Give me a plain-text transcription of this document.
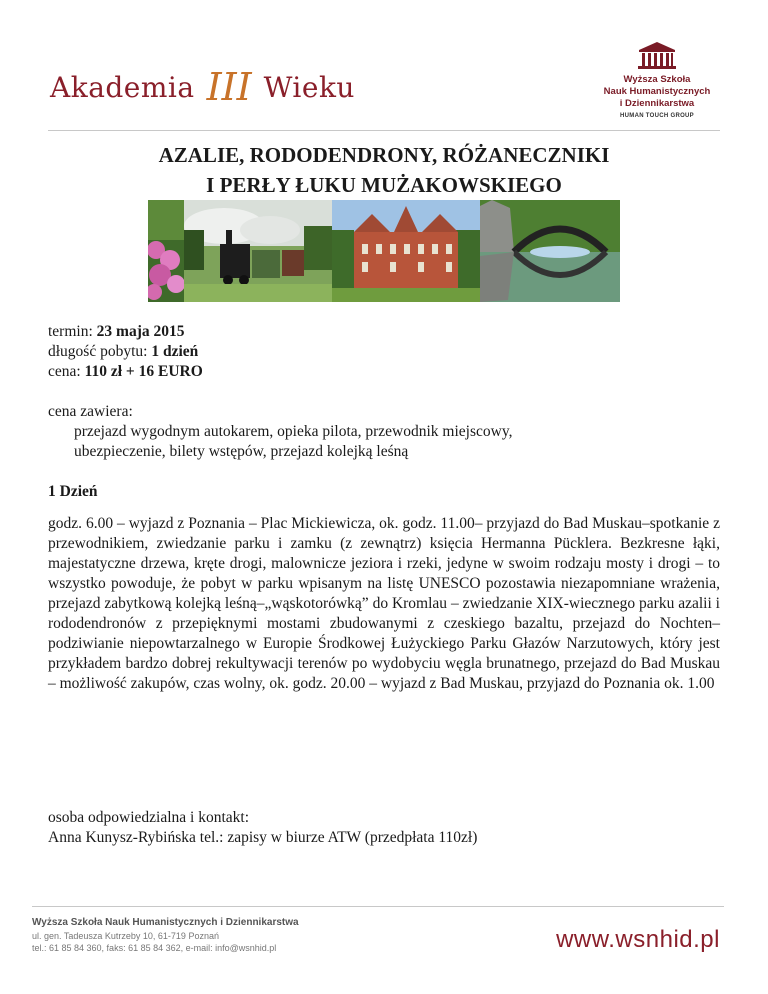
Akademia III Wieku	Wyższa Szkoła
Nauk Humanistycznych
i Dziennikarstwa
HUMAN TOUCH GROUP
AZALIE, RODODENDRONY, RÓŻANECZNIKI
I PERŁY ŁUKU MUŻAKOWSKIEGO
termin: 23 maja 2015
długość pobytu: 1 dzień
cena: 110 zł + 16 EURO
cena zawiera:
przejazd wygodnym autokarem, opieka pilota, przewodnik miejscowy,
ubezpieczenie, bilety wstępów, przejazd kolejką leśną
1 Dzień
godz. 6.00 – wyjazd z Poznania – Plac Mickiewicza, ok. godz. 11.00– przyjazd do Bad Muskau–spotkanie z przewodnikiem, zwiedzanie parku i zamku (z zewnątrz) księcia Hermanna Pücklera. Bezkresne łąki, majestatyczne drzewa, kręte drogi, malownicze jeziora i rzeki, jedyne w swoim rodzaju mosty i drogi – to wszystko powoduje, że pobyt w parku wpisanym na listę UNESCO pozostawia niezapomniane wrażenia, przejazd zabytkową kolejką leśną–„wąskotorówką” do Kromlau – zwiedzanie XIX-wiecznego parku azalii i rododendronów z przepięknymi mostami zbudowanymi z czeskiego bazaltu, przejazd do Nochten–podziwianie niepowtarzalnego w Europie Środkowej Łużyckiego Parku Głazów Narzutowych, który jest przykładem bardzo dobrej rekultywacji terenów po wydobyciu węgla brunatnego, przejazd do Bad Muskau – możliwość zakupów, czas wolny, ok. godz. 20.00 – wyjazd z Bad Muskau, przyjazd do Poznania ok. 1.00
osoba odpowiedzialna i kontakt:
Anna Kunysz-Rybińska tel.: zapisy w biurze ATW (przedpłata 110zł)
Wyższa Szkoła Nauk Humanistycznych i Dziennikarstwa
ul. gen. Tadeusza Kutrzeby 10, 61-719 Poznań
tel.: 61 85 84 360, faks: 61 85 84 362, e-mail: info@wsnhid.pl	www.wsnhid.pl
